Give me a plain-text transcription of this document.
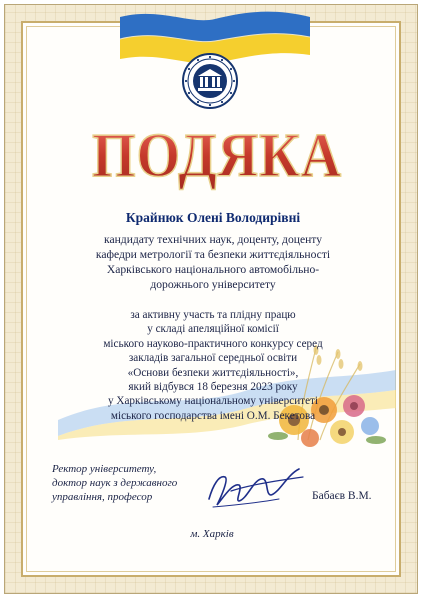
ПОДЯКА
Крайнюк Олені Володирівні
кандидату технічних наук, доценту, доценту
кафедри метрології та безпеки життєдіяльності
Харківського національного автомобільно-
дорожнього університету
за активну участь та плідну працю
у складі апеляційної комісії
міського науково-практичного конкурсу серед
закладів загальної середньої освіти
«Основи безпеки життєдіяльності»,
який відбувся 18 березня 2023 року
у Харківському національному університеті
міського господарства імені О.М. Бекетова
Ректор університету,
доктор наук з державного
управління, професор	Бабаєв В.М.
м. Харків
